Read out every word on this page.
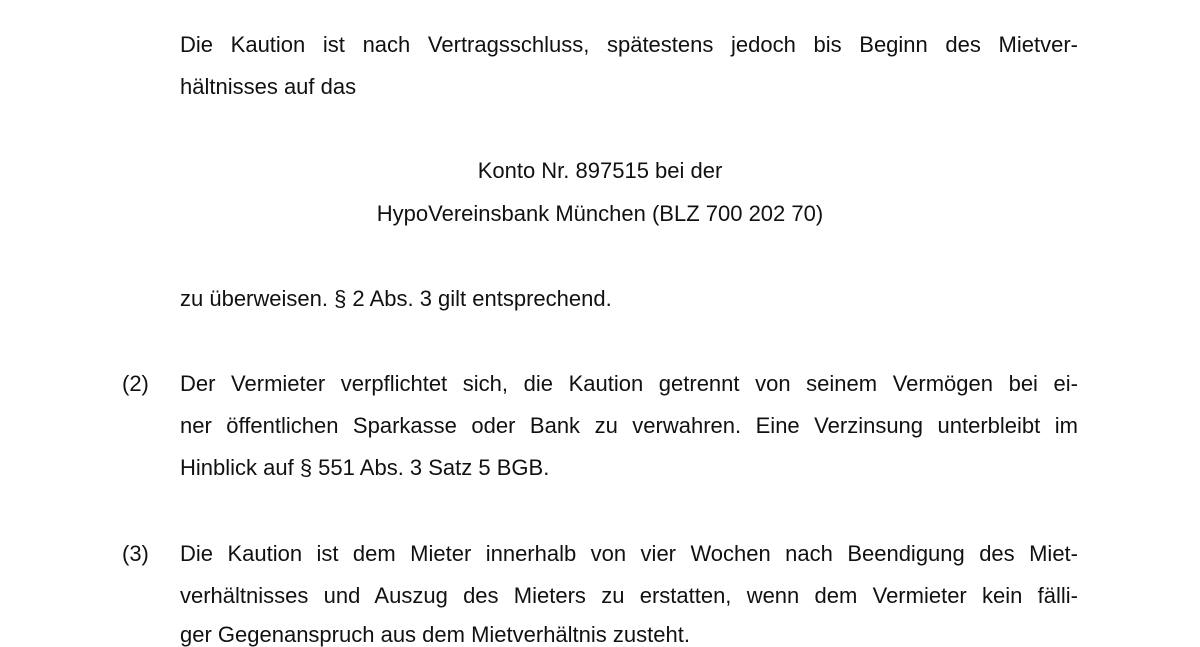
Die Kaution ist nach Vertragsschluss, spätestens jedoch bis Beginn des Mietver-
hältnisses auf das
Konto Nr. 897515 bei der
HypoVereinsbank München (BLZ 700 202 70)
zu überweisen. § 2 Abs. 3 gilt entsprechend.
(2) Der Vermieter verpflichtet sich, die Kaution getrennt von seinem Vermögen bei ei-
ner öffentlichen Sparkasse oder Bank zu verwahren. Eine Verzinsung unterbleibt im
Hinblick auf § 551 Abs. 3 Satz 5 BGB.
(3) Die Kaution ist dem Mieter innerhalb von vier Wochen nach Beendigung des Miet-
verhältnisses und Auszug des Mieters zu erstatten, wenn dem Vermieter kein fälli-
ger Gegenanspruch aus dem Mietverhältnis zusteht.
